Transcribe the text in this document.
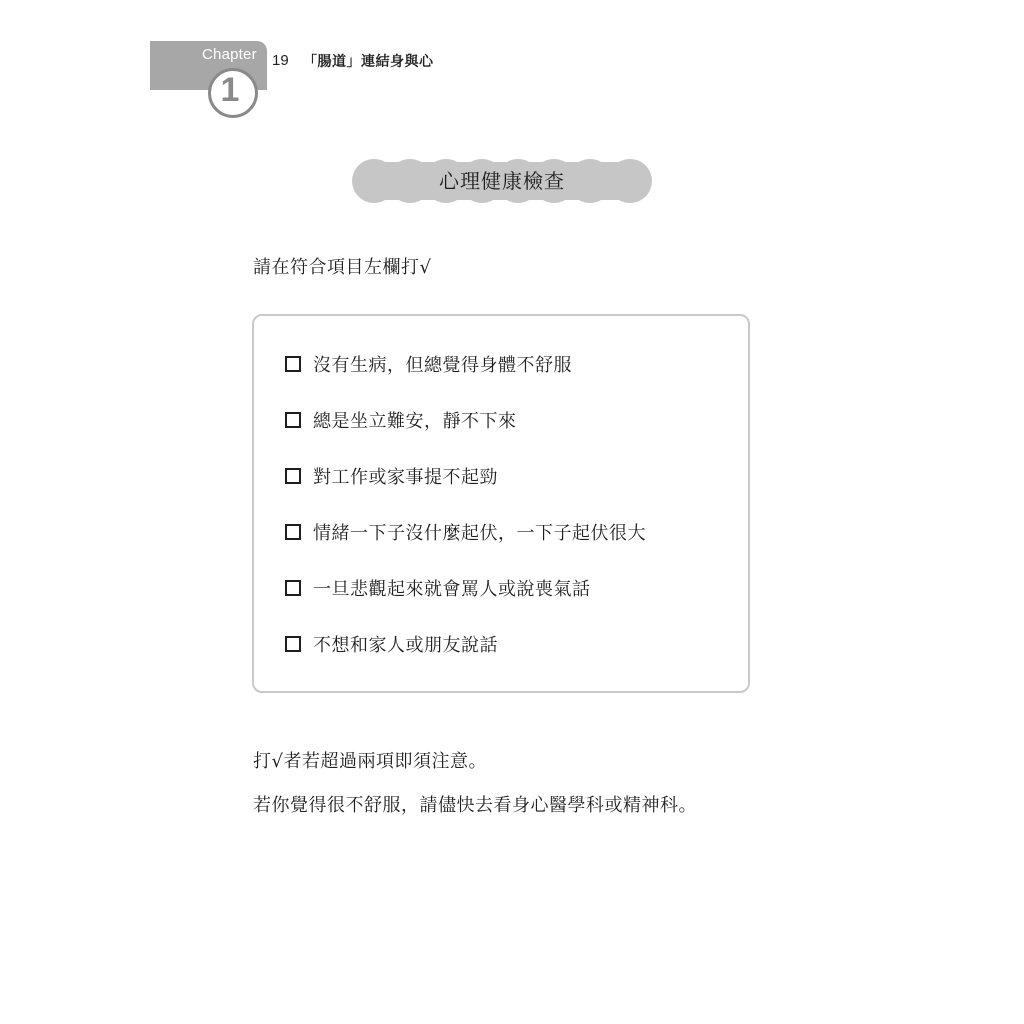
Chapter
1
19 「腸道」連結身與心
心理健康檢查
請在符合項目左欄打√
沒有生病，但總覺得身體不舒服
總是坐立難安，靜不下來
對工作或家事提不起勁
情緒一下子沒什麼起伏，一下子起伏很大
一旦悲觀起來就會罵人或說喪氣話
不想和家人或朋友說話
打√者若超過兩項即須注意。
若你覺得很不舒服，請儘快去看身心醫學科或精神科。
